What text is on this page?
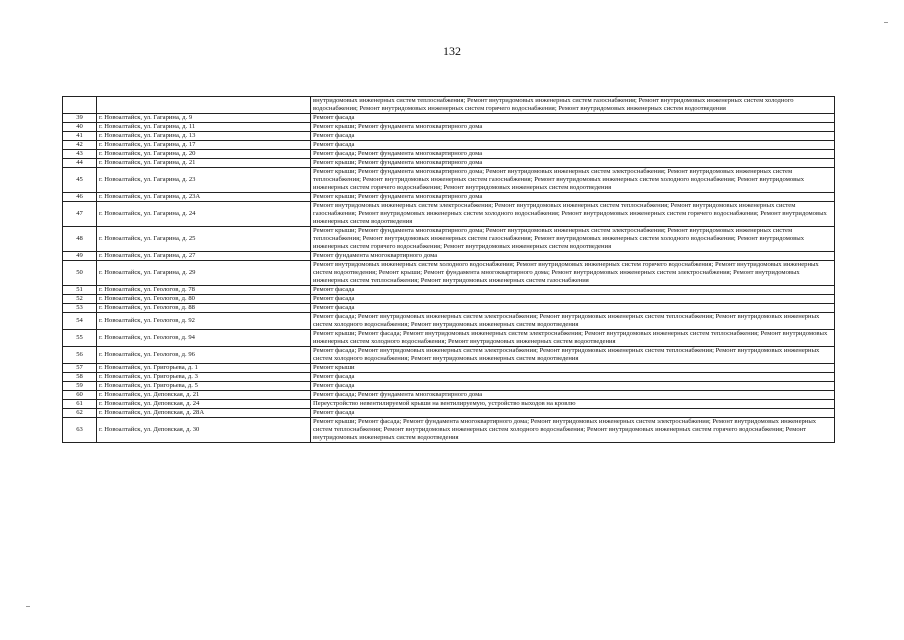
132
		внутридомовых инженерных систем теплоснабжения; Ремонт внутридомовых инженерных систем газоснабжения; Ремонт внутридомовых инженерных систем холодного водоснабжения; Ремонт внутридомовых инженерных систем горячего водоснабжения; Ремонт внутридомовых инженерных систем водоотведения
39	г. Новоалтайск, ул. Гагарина, д. 9	Ремонт фасада
40	г. Новоалтайск, ул. Гагарина, д. 11	Ремонт крыши; Ремонт фундамента многоквартирного дома
41	г. Новоалтайск, ул. Гагарина, д. 13	Ремонт фасада
42	г. Новоалтайск, ул. Гагарина, д. 17	Ремонт фасада
43	г. Новоалтайск, ул. Гагарина, д. 20	Ремонт фасада; Ремонт фундамента многоквартирного дома
44	г. Новоалтайск, ул. Гагарина, д. 21	Ремонт крыши; Ремонт фундамента многоквартирного дома
45	г. Новоалтайск, ул. Гагарина, д. 23	Ремонт крыши; Ремонт фундамента многоквартирного дома; Ремонт внутридомовых инженерных систем электроснабжения; Ремонт внутридомовых инженерных систем теплоснабжения; Ремонт внутридомовых инженерных систем газоснабжения; Ремонт внутридомовых инженерных систем холодного водоснабжения; Ремонт внутридомовых инженерных систем горячего водоснабжения; Ремонт внутридомовых инженерных систем водоотведения
46	г. Новоалтайск, ул. Гагарина, д. 23А	Ремонт крыши; Ремонт фундамента многоквартирного дома
47	г. Новоалтайск, ул. Гагарина, д. 24	Ремонт внутридомовых инженерных систем электроснабжения; Ремонт внутридомовых инженерных систем теплоснабжения; Ремонт внутридомовых инженерных систем газоснабжения; Ремонт внутридомовых инженерных систем холодного водоснабжения; Ремонт внутридомовых инженерных систем горячего водоснабжения; Ремонт внутридомовых инженерных систем водоотведения
48	г. Новоалтайск, ул. Гагарина, д. 25	Ремонт крыши; Ремонт фундамента многоквартирного дома; Ремонт внутридомовых инженерных систем электроснабжения; Ремонт внутридомовых инженерных систем теплоснабжения; Ремонт внутридомовых инженерных систем газоснабжения; Ремонт внутридомовых инженерных систем холодного водоснабжения; Ремонт внутридомовых инженерных систем горячего водоснабжения; Ремонт внутридомовых инженерных систем водоотведения
49	г. Новоалтайск, ул. Гагарина, д. 27	Ремонт фундамента многоквартирного дома
50	г. Новоалтайск, ул. Гагарина, д. 29	Ремонт внутридомовых инженерных систем холодного водоснабжения; Ремонт внутридомовых инженерных систем горячего водоснабжения; Ремонт внутридомовых инженерных систем водоотведения; Ремонт крыши; Ремонт фундамента многоквартирного дома; Ремонт внутридомовых инженерных систем электроснабжения; Ремонт внутридомовых инженерных систем теплоснабжения; Ремонт внутридомовых инженерных систем газоснабжения
51	г. Новоалтайск, ул. Геологов, д. 78	Ремонт фасада
52	г. Новоалтайск, ул. Геологов, д. 80	Ремонт фасада
53	г. Новоалтайск, ул. Геологов, д. 88	Ремонт фасада
54	г. Новоалтайск, ул. Геологов, д. 92	Ремонт фасада; Ремонт внутридомовых инженерных систем электроснабжения; Ремонт внутридомовых инженерных систем теплоснабжения; Ремонт внутридомовых инженерных систем холодного водоснабжения; Ремонт внутридомовых инженерных систем водоотведения
55	г. Новоалтайск, ул. Геологов, д. 94	Ремонт крыши; Ремонт фасада; Ремонт внутридомовых инженерных систем электроснабжения; Ремонт внутридомовых инженерных систем теплоснабжения; Ремонт внутридомовых инженерных систем холодного водоснабжения; Ремонт внутридомовых инженерных систем водоотведения
56	г. Новоалтайск, ул. Геологов, д. 96	Ремонт фасада; Ремонт внутридомовых инженерных систем электроснабжения; Ремонт внутридомовых инженерных систем теплоснабжения; Ремонт внутридомовых инженерных систем холодного водоснабжения; Ремонт внутридомовых инженерных систем водоотведения
57	г. Новоалтайск, ул. Григорьева, д. 1	Ремонт крыши
58	г. Новоалтайск, ул. Григорьева, д. 3	Ремонт фасада
59	г. Новоалтайск, ул. Григорьева, д. 5	Ремонт фасада
60	г. Новоалтайск, ул. Деповская, д. 21	Ремонт фасада; Ремонт фундамента многоквартирного дома
61	г. Новоалтайск, ул. Деповская, д. 24	Переустройство невентилируемой крыши на вентилируемую, устройство выходов на кровлю
62	г. Новоалтайск, ул. Деповская, д. 28А	Ремонт фасада
63	г. Новоалтайск, ул. Деповская, д. 30	Ремонт крыши; Ремонт фасада; Ремонт фундамента многоквартирного дома; Ремонт внутридомовых инженерных систем электроснабжения; Ремонт внутридомовых инженерных систем теплоснабжения; Ремонт внутридомовых инженерных систем холодного водоснабжения; Ремонт внутридомовых инженерных систем горячего водоснабжения; Ремонт внутридомовых инженерных систем водоотведения
